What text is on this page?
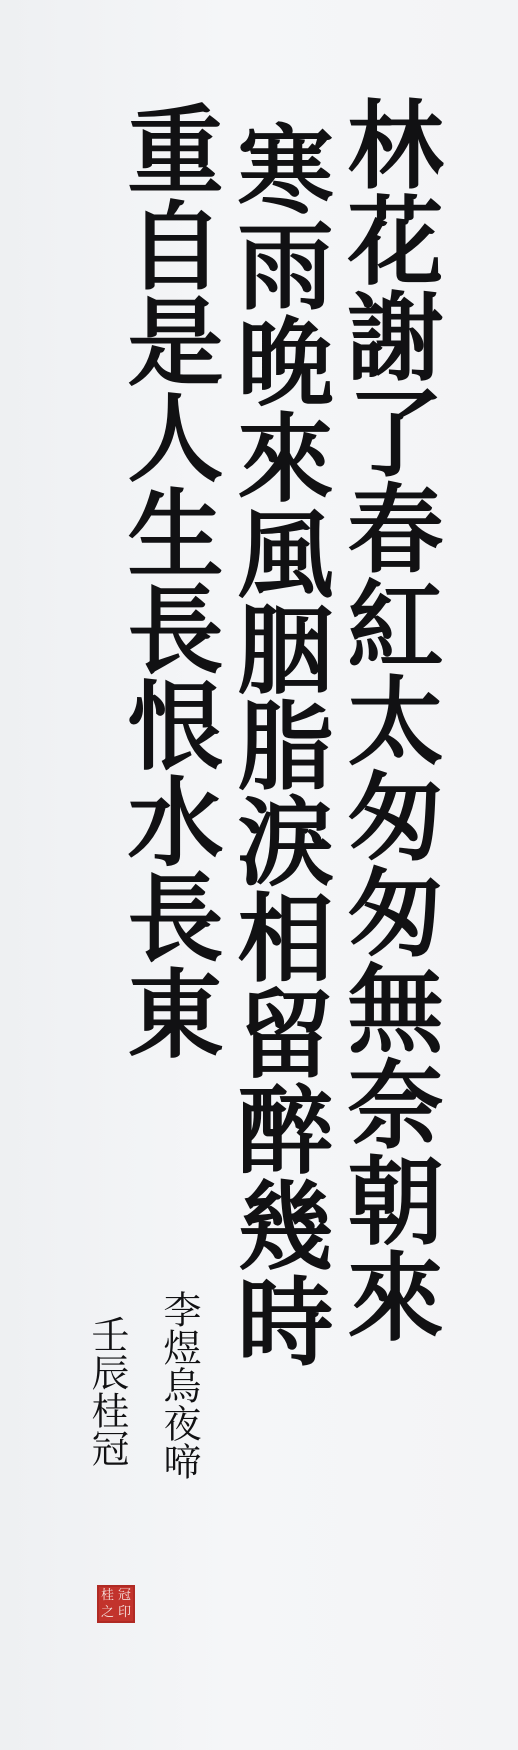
林花謝了春紅太匆匆無奈朝來
寒雨晚來風胭脂淚相留醉幾時
重自是人生長恨水長東
李煜烏夜啼
壬辰桂冠
桂 冠
之 印
